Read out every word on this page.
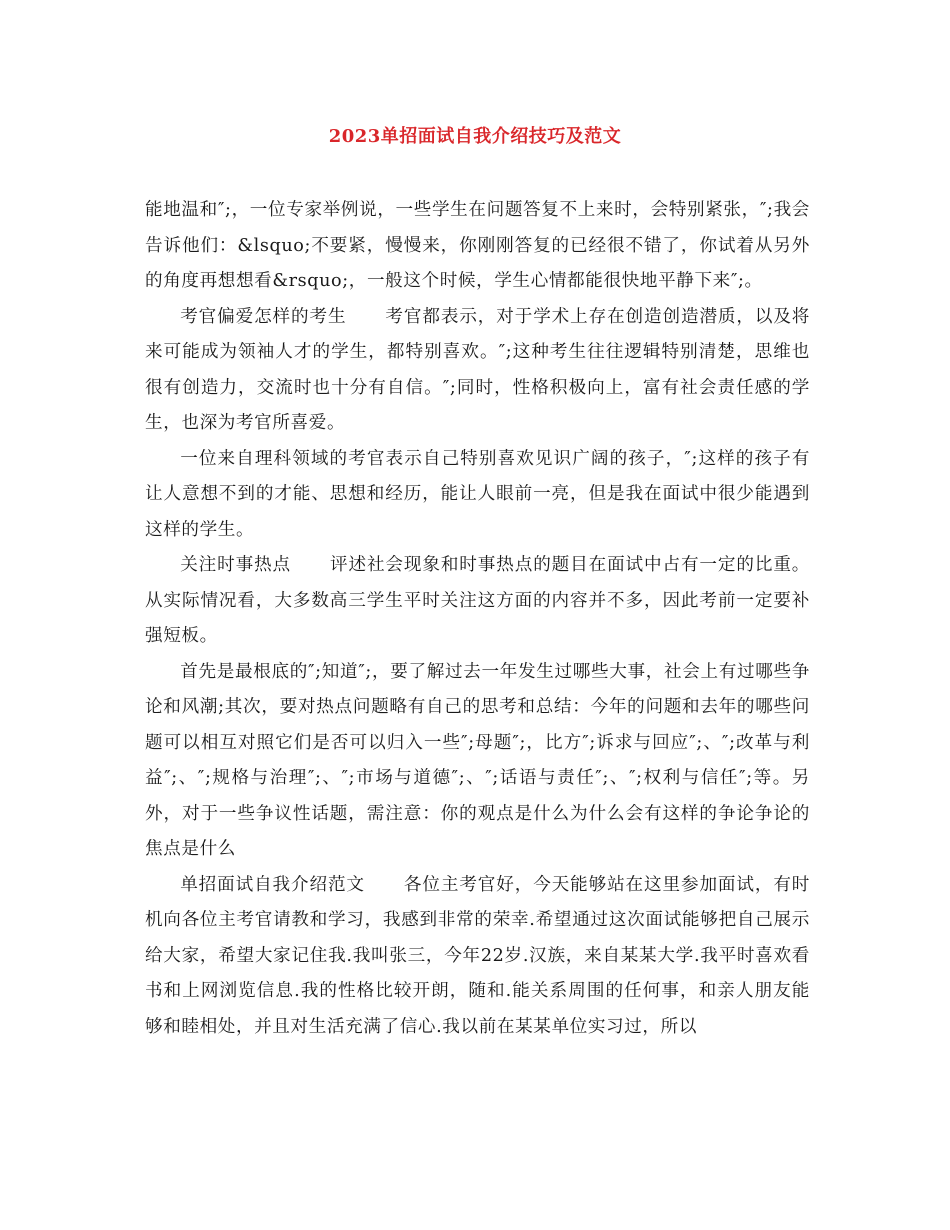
2023单招面试自我介绍技巧及范文

能地温和″;，一位专家举例说，一些学生在问题答复不上来时，会特别紧张，″;我会告诉他们：&lsquo;不要紧，慢慢来，你刚刚答复的已经很不错了，你试着从另外的角度再想想看&rsquo;，一般这个时候，学生心情都能很快地平静下来″;。

考官偏爱怎样的考生 考官都表示，对于学术上存在创造创造潜质，以及将来可能成为领袖人才的学生，都特别喜欢。″;这种考生往往逻辑特别清楚，思维也很有创造力，交流时也十分有自信。″;同时，性格积极向上，富有社会责任感的学生，也深为考官所喜爱。

一位来自理科领域的考官表示自己特别喜欢见识广阔的孩子，″;这样的孩子有让人意想不到的才能、思想和经历，能让人眼前一亮，但是我在面试中很少能遇到这样的学生。

关注时事热点 评述社会现象和时事热点的题目在面试中占有一定的比重。从实际情况看，大多数高三学生平时关注这方面的内容并不多，因此考前一定要补强短板。

首先是最根底的″;知道″;，要了解过去一年发生过哪些大事，社会上有过哪些争论和风潮;其次，要对热点问题略有自己的思考和总结：今年的问题和去年的哪些问题可以相互对照它们是否可以归入一些″;母题″;，比方″;诉求与回应″;、″;改革与利益″;、″;规格与治理″;、″;市场与道德″;、″;话语与责任″;、″;权利与信任″;等。另外，对于一些争议性话题，需注意：你的观点是什么为什么会有这样的争论争论的焦点是什么

单招面试自我介绍范文 各位主考官好，今天能够站在这里参加面试，有时机向各位主考官请教和学习，我感到非常的荣幸.希望通过这次面试能够把自己展示给大家，希望大家记住我.我叫张三，今年22岁.汉族，来自某某大学.我平时喜欢看书和上网浏览信息.我的性格比较开朗，随和.能关系周围的任何事，和亲人朋友能够和睦相处，并且对生活充满了信心.我以前在某某单位实习过，所以
